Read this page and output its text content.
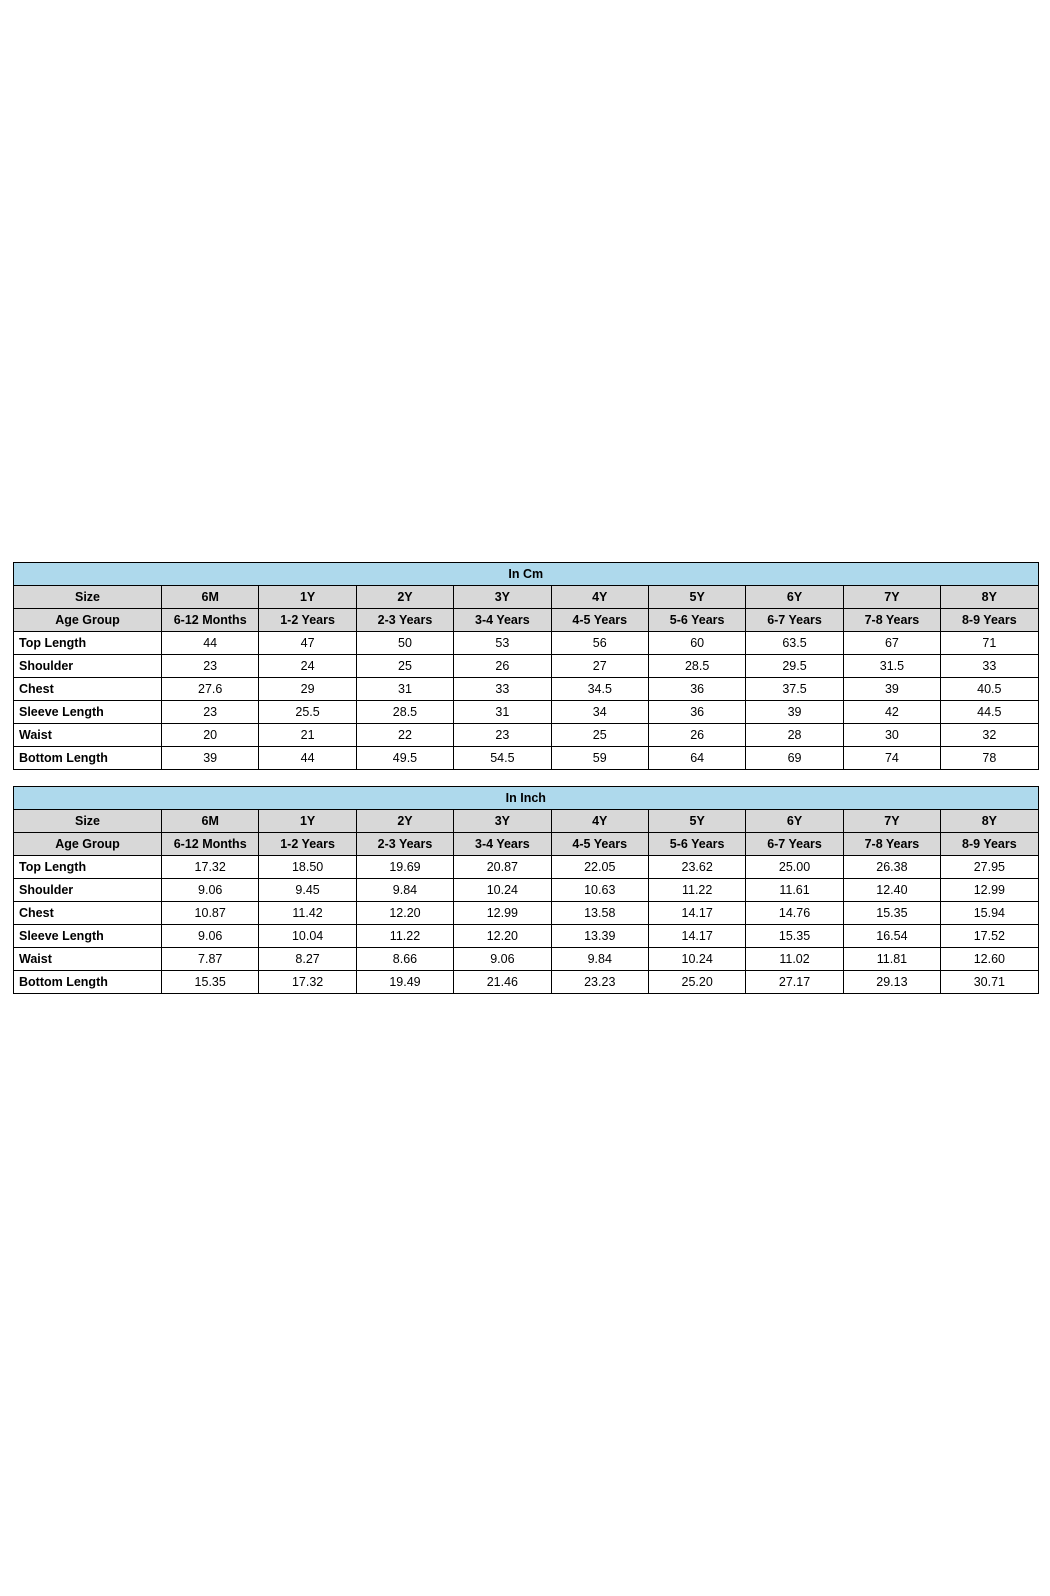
In Cm									
Size	6M	1Y	2Y	3Y	4Y	5Y	6Y	7Y	8Y
Age Group	6-12 Months	1-2 Years	2-3 Years	3-4 Years	4-5 Years	5-6 Years	6-7 Years	7-8 Years	8-9 Years
Top Length	44	47	50	53	56	60	63.5	67	71
Shoulder	23	24	25	26	27	28.5	29.5	31.5	33
Chest	27.6	29	31	33	34.5	36	37.5	39	40.5
Sleeve Length	23	25.5	28.5	31	34	36	39	42	44.5
Waist	20	21	22	23	25	26	28	30	32
Bottom Length	39	44	49.5	54.5	59	64	69	74	78
In Inch									
Size	6M	1Y	2Y	3Y	4Y	5Y	6Y	7Y	8Y
Age Group	6-12 Months	1-2 Years	2-3 Years	3-4 Years	4-5 Years	5-6 Years	6-7 Years	7-8 Years	8-9 Years
Top Length	17.32	18.50	19.69	20.87	22.05	23.62	25.00	26.38	27.95
Shoulder	9.06	9.45	9.84	10.24	10.63	11.22	11.61	12.40	12.99
Chest	10.87	11.42	12.20	12.99	13.58	14.17	14.76	15.35	15.94
Sleeve Length	9.06	10.04	11.22	12.20	13.39	14.17	15.35	16.54	17.52
Waist	7.87	8.27	8.66	9.06	9.84	10.24	11.02	11.81	12.60
Bottom Length	15.35	17.32	19.49	21.46	23.23	25.20	27.17	29.13	30.71
